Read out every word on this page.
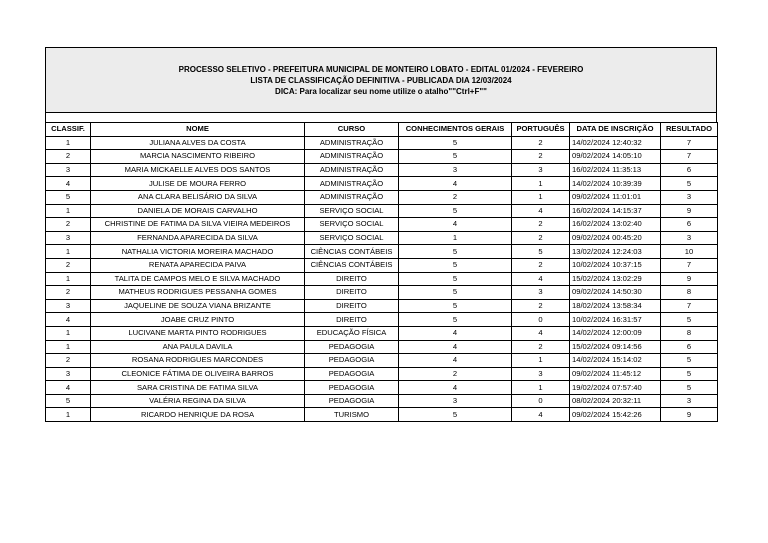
PROCESSO SELETIVO - PREFEITURA MUNICIPAL DE MONTEIRO LOBATO - EDITAL 01/2024 - FEVEREIRO
LISTA DE CLASSIFICAÇÃO DEFINITIVA - PUBLICADA DIA 12/03/2024
DICA: Para localizar seu nome utilize o atalho""Ctrl+F""
CLASSIF.	NOME	CURSO	CONHECIMENTOS GERAIS	PORTUGUÊS	DATA DE INSCRIÇÃO	RESULTADO
1	JULIANA ALVES DA COSTA	ADMINISTRAÇÃO	5	2	14/02/2024 12:40:32	7
2	MARCIA NASCIMENTO RIBEIRO	ADMINISTRAÇÃO	5	2	09/02/2024 14:05:10	7
3	MARIA MICKAELLE ALVES DOS SANTOS	ADMINISTRAÇÃO	3	3	16/02/2024 11:35:13	6
4	JULISE DE MOURA FERRO	ADMINISTRAÇÃO	4	1	14/02/2024 10:39:39	5
5	ANA CLARA BELISÁRIO DA SILVA	ADMINISTRAÇÃO	2	1	09/02/2024 11:01:01	3
1	DANIELA DE MORAIS CARVALHO	SERVIÇO SOCIAL	5	4	16/02/2024 14:15:37	9
2	CHRISTINE DE FATIMA DA SILVA VIEIRA MEDEIROS	SERVIÇO SOCIAL	4	2	16/02/2024 13:02:40	6
3	FERNANDA APARECIDA DA SILVA	SERVIÇO SOCIAL	1	2	09/02/2024 00:45:20	3
1	NATHALIA VICTORIA MOREIRA MACHADO	CIÊNCIAS CONTÁBEIS	5	5	13/02/2024 12:24:03	10
2	RENATA APARECIDA PAIVA	CIÊNCIAS CONTÁBEIS	5	2	10/02/2024 10:37:15	7
1	TALITA DE CAMPOS MELO E SILVA MACHADO	DIREITO	5	4	15/02/2024 13:02:29	9
2	MATHEUS RODRIGUES PESSANHA GOMES	DIREITO	5	3	09/02/2024 14:50:30	8
3	JAQUELINE DE SOUZA VIANA BRIZANTE	DIREITO	5	2	18/02/2024 13:58:34	7
4	JOABE CRUZ PINTO	DIREITO	5	0	10/02/2024 16:31:57	5
1	LUCIVANE MARTA PINTO RODRIGUES	EDUCAÇÃO FÍSICA	4	4	14/02/2024 12:00:09	8
1	ANA PAULA DAVILA	PEDAGOGIA	4	2	15/02/2024 09:14:56	6
2	ROSANA RODRIGUES MARCONDES	PEDAGOGIA	4	1	14/02/2024 15:14:02	5
3	CLEONICE FÁTIMA DE OLIVEIRA BARROS	PEDAGOGIA	2	3	09/02/2024 11:45:12	5
4	SARA CRISTINA DE FATIMA SILVA	PEDAGOGIA	4	1	19/02/2024 07:57:40	5
5	VALÉRIA REGINA DA SILVA	PEDAGOGIA	3	0	08/02/2024 20:32:11	3
1	RICARDO HENRIQUE DA ROSA	TURISMO	5	4	09/02/2024 15:42:26	9
